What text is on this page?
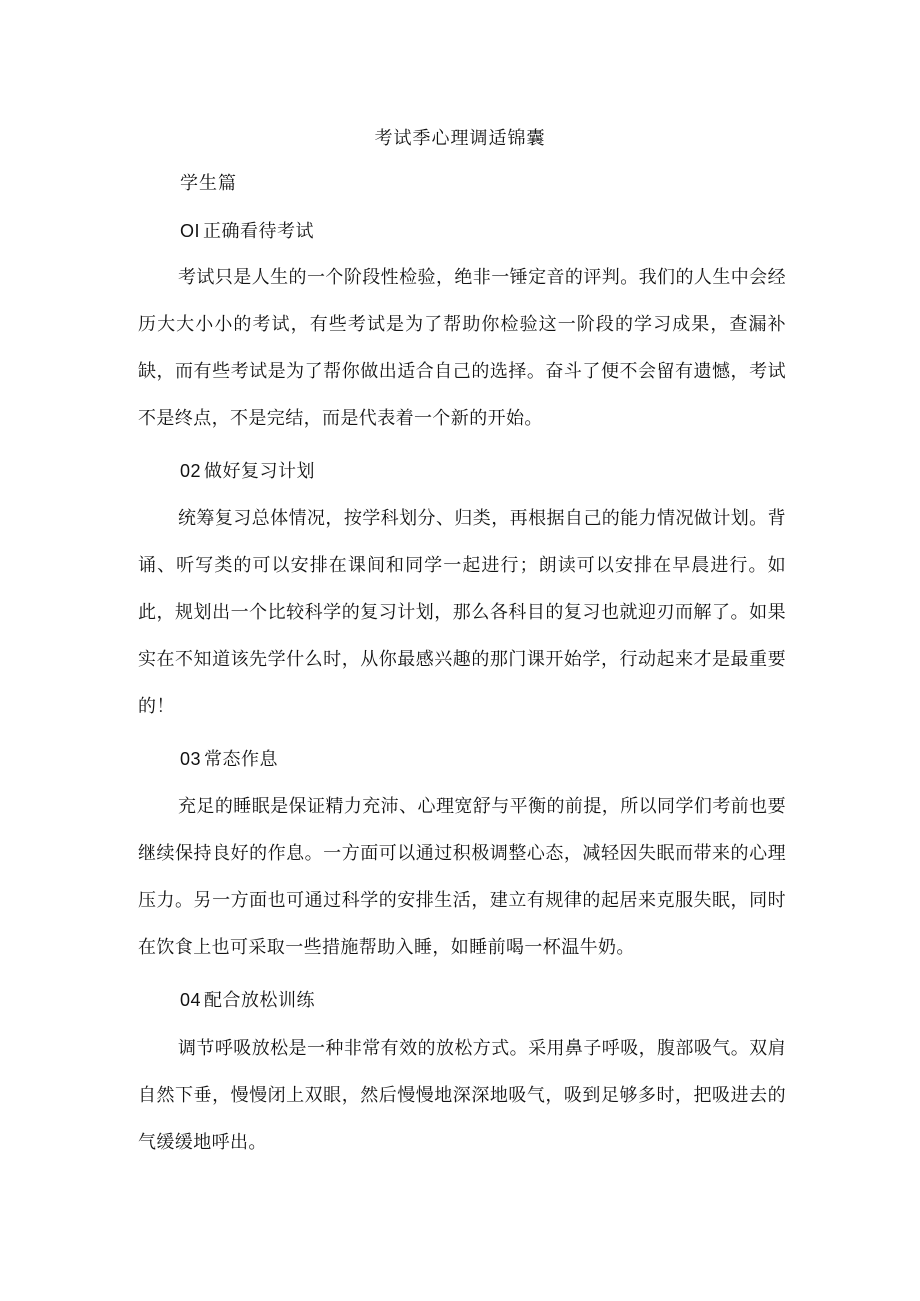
考试季心理调适锦囊
学生篇
OI 正确看待考试
考试只是人生的一个阶段性检验，绝非一锤定音的评判。我们的人生中会经历大大小小的考试，有些考试是为了帮助你检验这一阶段的学习成果，查漏补缺，而有些考试是为了帮你做出适合自己的选择。奋斗了便不会留有遗憾，考试不是终点，不是完结，而是代表着一个新的开始。
02 做好复习计划
统筹复习总体情况，按学科划分、归类，再根据自己的能力情况做计划。背诵、听写类的可以安排在课间和同学一起进行；朗读可以安排在早晨进行。如此，规划出一个比较科学的复习计划，那么各科目的复习也就迎刃而解了。如果实在不知道该先学什么时，从你最感兴趣的那门课开始学，行动起来才是最重要的！
03 常态作息
充足的睡眠是保证精力充沛、心理宽舒与平衡的前提，所以同学们考前也要继续保持良好的作息。一方面可以通过积极调整心态，减轻因失眠而带来的心理压力。另一方面也可通过科学的安排生活，建立有规律的起居来克服失眠，同时在饮食上也可采取一些措施帮助入睡，如睡前喝一杯温牛奶。
04 配合放松训练
调节呼吸放松是一种非常有效的放松方式。采用鼻子呼吸，腹部吸气。双肩自然下垂，慢慢闭上双眼，然后慢慢地深深地吸气，吸到足够多时，把吸进去的气缓缓地呼出。
